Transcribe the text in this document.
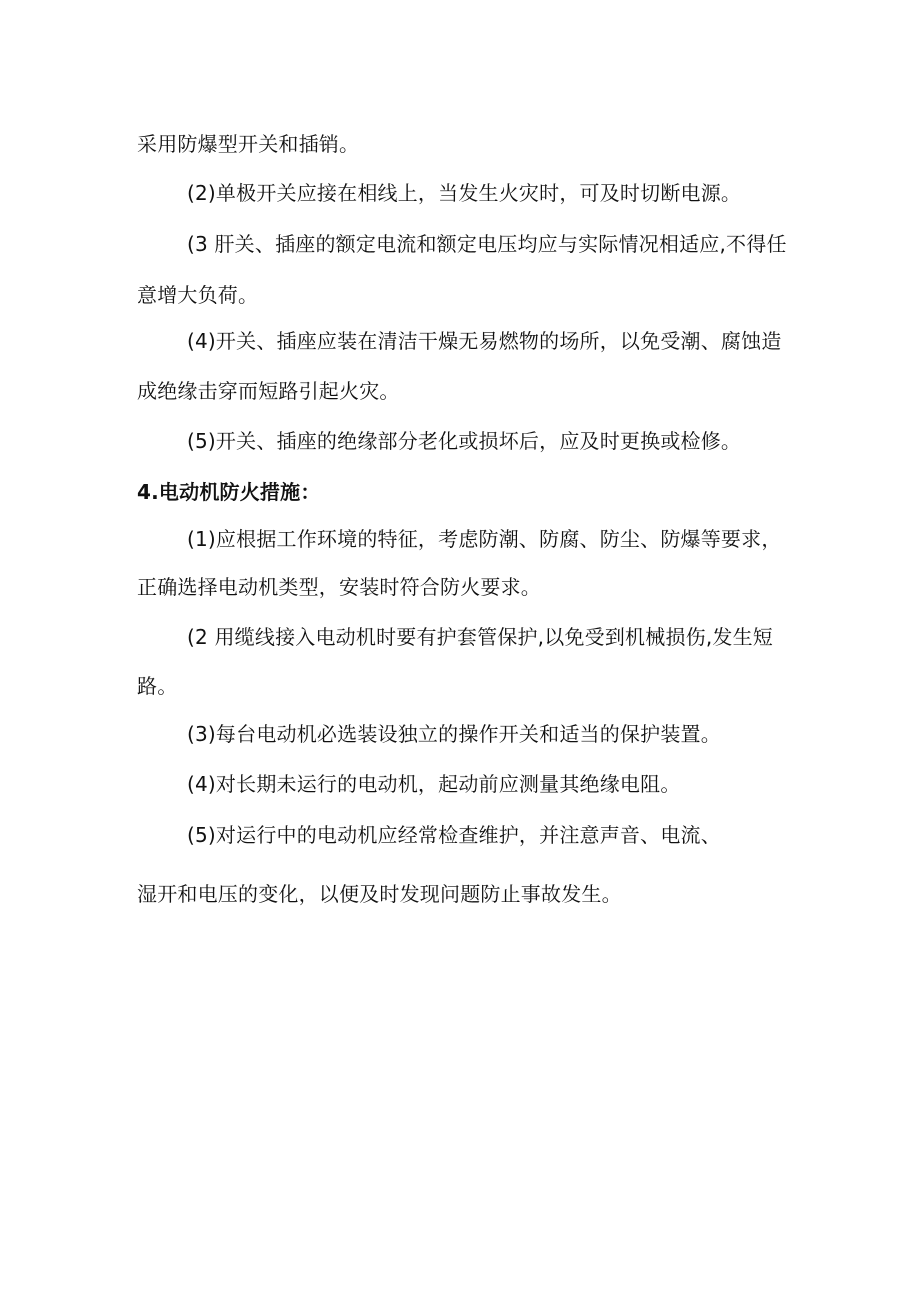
采用防爆型开关和插销。
(2)单极开关应接在相线上，当发生火灾时，可及时切断电源。
(3 肝关、插座的额定电流和额定电压均应与实际情况相适应,不得任
意增大负荷。
(4)开关、插座应装在清洁干燥无易燃物的场所，以免受潮、腐蚀造
成绝缘击穿而短路引起火灾。
(5)开关、插座的绝缘部分老化或损坏后，应及时更换或检修。
4.电动机防火措施：
(1)应根据工作环境的特征，考虑防潮、防腐、防尘、防爆等要求，
正确选择电动机类型，安装时符合防火要求。
(2 用缆线接入电动机时要有护套管保护,以免受到机械损伤,发生短
路。
(3)每台电动机必选装设独立的操作开关和适当的保护装置。
(4)对长期未运行的电动机，起动前应测量其绝缘电阻。
(5)对运行中的电动机应经常检查维护，并注意声音、电流、
湿开和电压的变化，以便及时发现问题防止事故发生。
